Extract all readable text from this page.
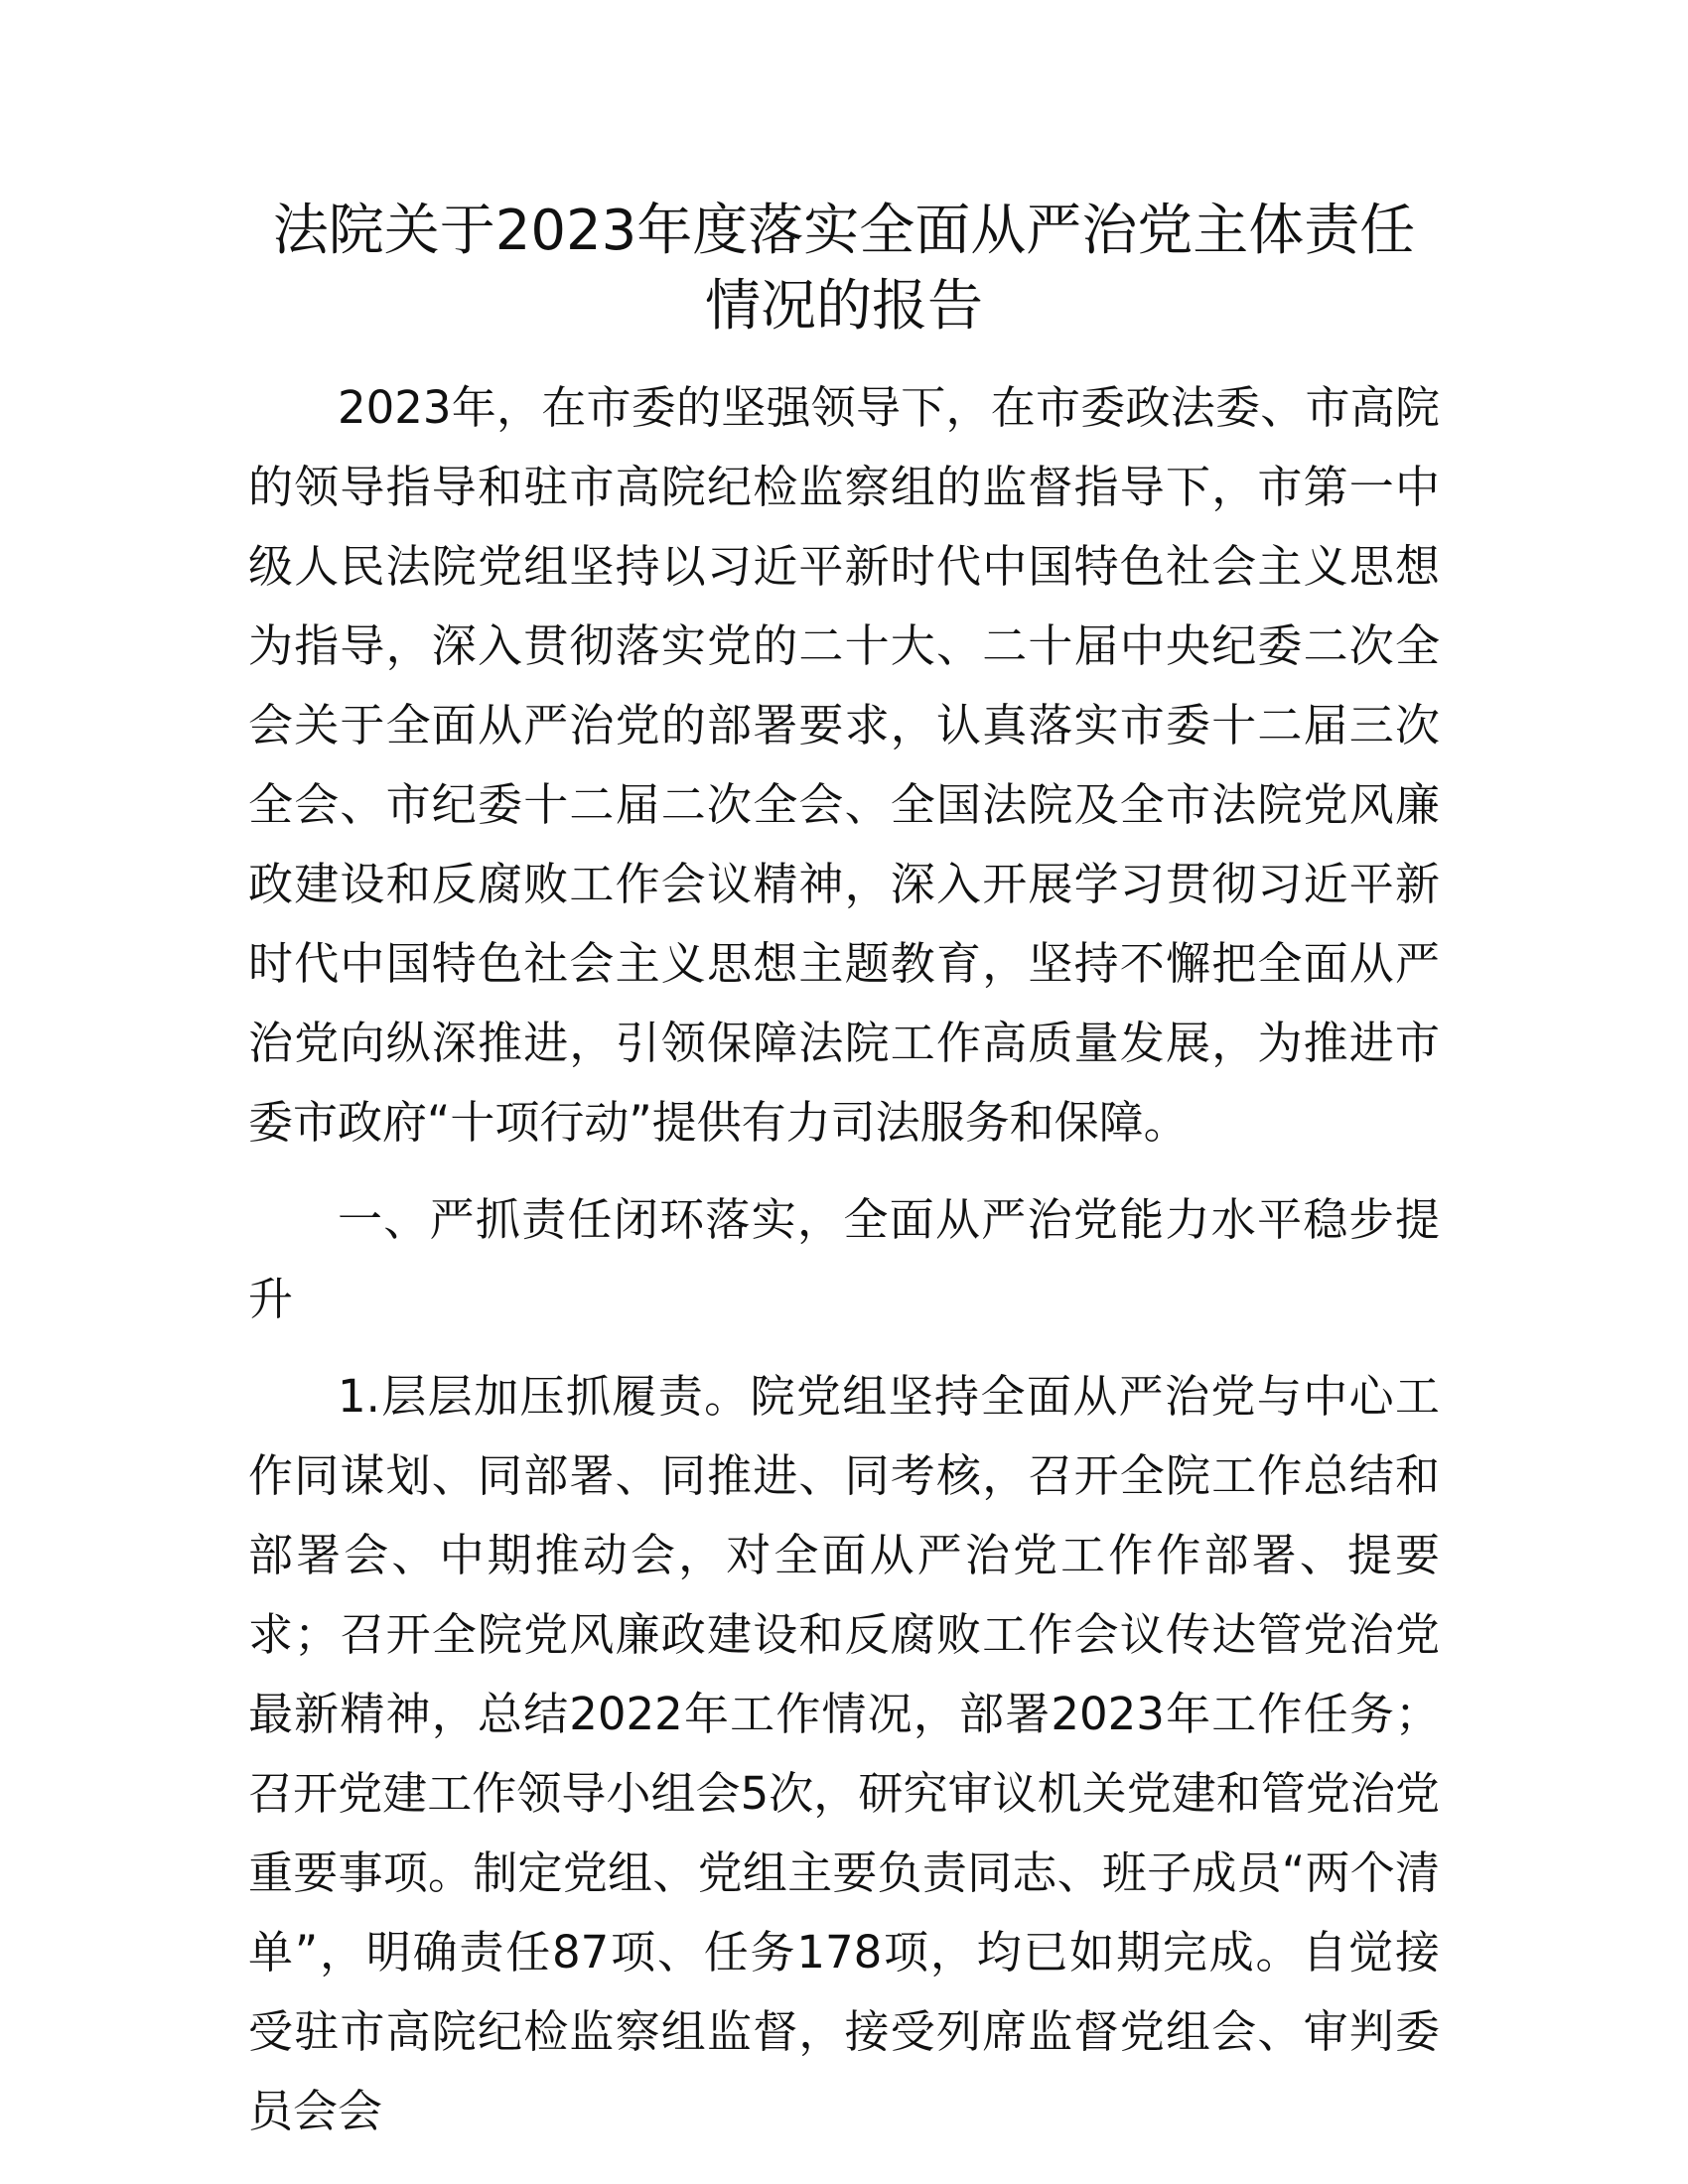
法院关于2023年度落实全面从严治党主体责任
情况的报告

2023年，在市委的坚强领导下，在市委政法委、市高院的领导指导和驻市高院纪检监察组的监督指导下，市第一中级人民法院党组坚持以习近平新时代中国特色社会主义思想为指导，深入贯彻落实党的二十大、二十届中央纪委二次全会关于全面从严治党的部署要求，认真落实市委十二届三次全会、市纪委十二届二次全会、全国法院及全市法院党风廉政建设和反腐败工作会议精神，深入开展学习贯彻习近平新时代中国特色社会主义思想主题教育，坚持不懈把全面从严治党向纵深推进，引领保障法院工作高质量发展，为推进市委市政府“十项行动”提供有力司法服务和保障。

一、严抓责任闭环落实，全面从严治党能力水平稳步提升

1.层层加压抓履责。院党组坚持全面从严治党与中心工作同谋划、同部署、同推进、同考核，召开全院工作总结和部署会、中期推动会，对全面从严治党工作作部署、提要求；召开全院党风廉政建设和反腐败工作会议传达管党治党最新精神，总结2022年工作情况，部署2023年工作任务；召开党建工作领导小组会5次，研究审议机关党建和管党治党重要事项。制定党组、党组主要负责同志、班子成员“两个清单”，明确责任87项、任务178项，均已如期完成。自觉接受驻市高院纪检监察组监督，接受列席监督党组会、审判委员会会
